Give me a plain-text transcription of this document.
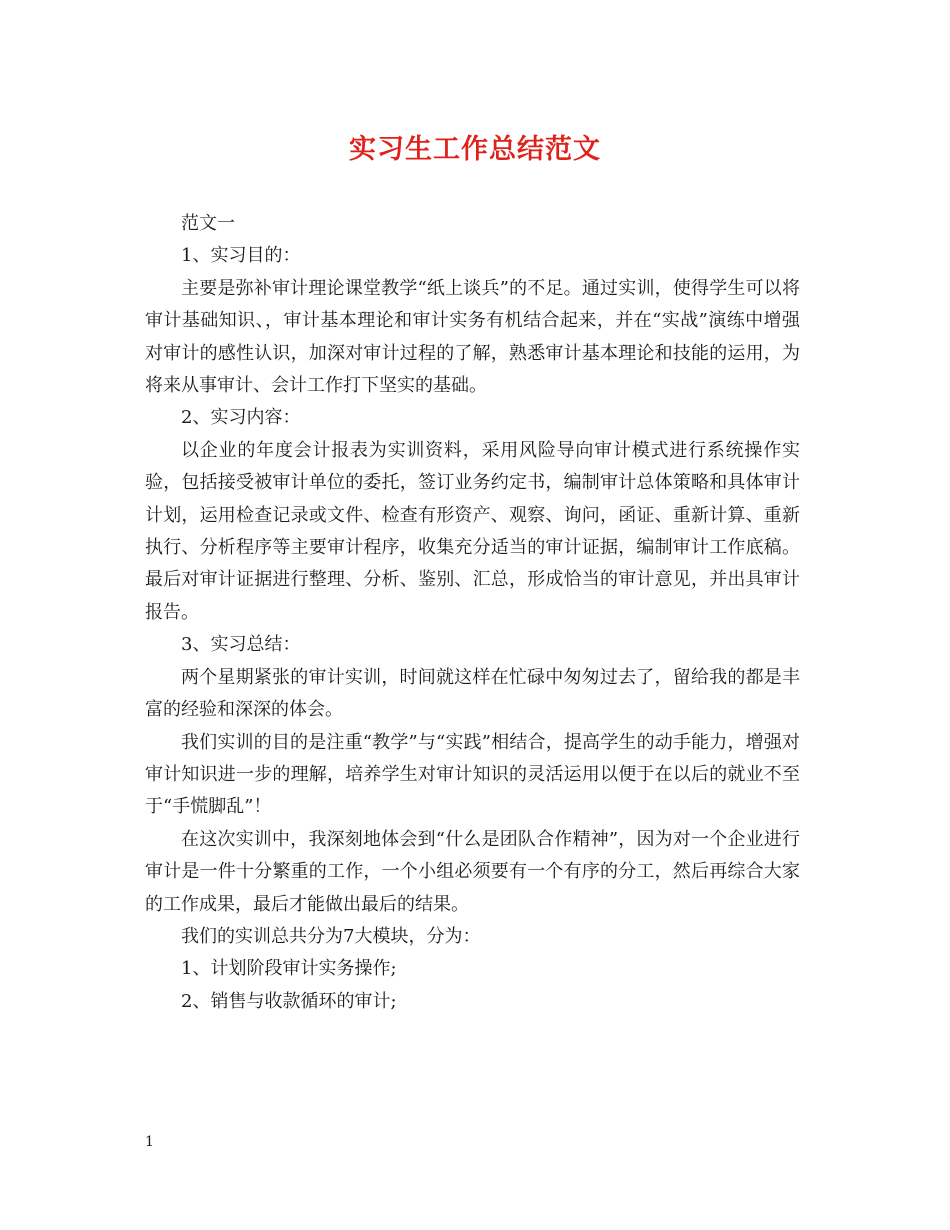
实习生工作总结范文

范文一

1、实习目的：

主要是弥补审计理论课堂教学“纸上谈兵”的不足。通过实训，使得学生可以将审计基础知识、，审计基本理论和审计实务有机结合起来，并在“实战”演练中增强对审计的感性认识，加深对审计过程的了解，熟悉审计基本理论和技能的运用，为将来从事审计、会计工作打下坚实的基础。

2、实习内容：

以企业的年度会计报表为实训资料，采用风险导向审计模式进行系统操作实验，包括接受被审计单位的委托，签订业务约定书，编制审计总体策略和具体审计计划，运用检查记录或文件、检查有形资产、观察、询问，函证、重新计算、重新执行、分析程序等主要审计程序，收集充分适当的审计证据，编制审计工作底稿。最后对审计证据进行整理、分析、鉴别、汇总，形成恰当的审计意见，并出具审计报告。

3、实习总结：

两个星期紧张的审计实训，时间就这样在忙碌中匆匆过去了，留给我的都是丰富的经验和深深的体会。

我们实训的目的是注重“教学”与“实践”相结合，提高学生的动手能力，增强对审计知识进一步的理解，培养学生对审计知识的灵活运用以便于在以后的就业不至于“手慌脚乱”！

在这次实训中，我深刻地体会到“什么是团队合作精神”，因为对一个企业进行审计是一件十分繁重的工作，一个小组必须要有一个有序的分工，然后再综合大家的工作成果，最后才能做出最后的结果。

我们的实训总共分为7大模块，分为：

1、计划阶段审计实务操作;

2、销售与收款循环的审计;

1
